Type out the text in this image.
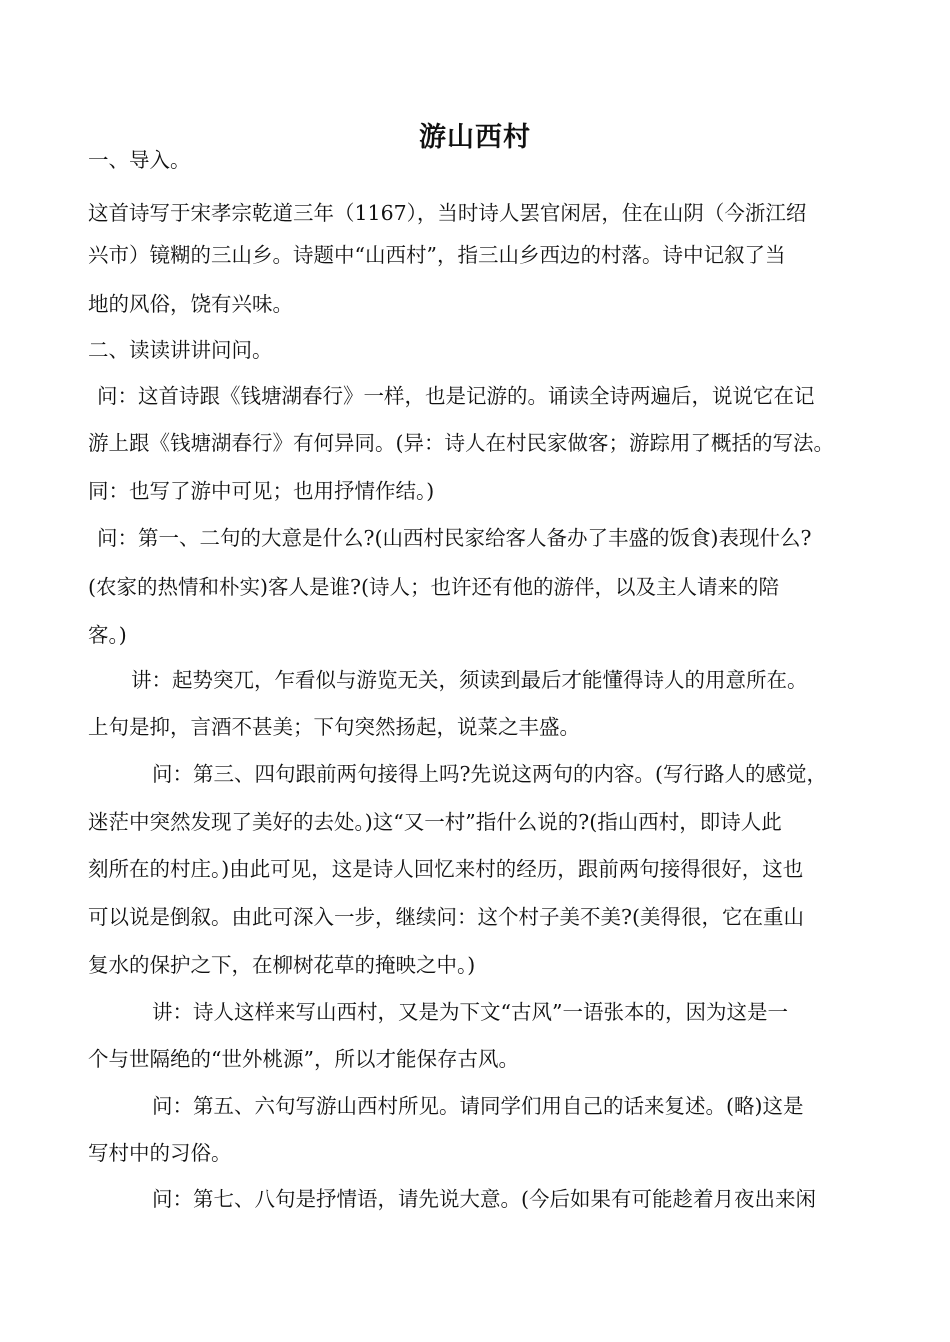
游山西村
一、导入。
这首诗写于宋孝宗乾道三年（1167），当时诗人罢官闲居，住在山阴（今浙江绍
兴市）镜糊的三山乡。诗题中“山西村”，指三山乡西边的村落。诗中记叙了当
地的风俗，饶有兴味。
二、读读讲讲问问。
问：这首诗跟《钱塘湖春行》一样，也是记游的。诵读全诗两遍后，说说它在记
游上跟《钱塘湖春行》有何异同。(异：诗人在村民家做客；游踪用了概括的写法。
同：也写了游中可见；也用抒情作结。)
问：第一、二句的大意是什么?(山西村民家给客人备办了丰盛的饭食)表现什么?
(农家的热情和朴实)客人是谁?(诗人；也许还有他的游伴，以及主人请来的陪
客。)
讲：起势突兀，乍看似与游览无关，须读到最后才能懂得诗人的用意所在。
上句是抑，言酒不甚美；下句突然扬起，说菜之丰盛。
问：第三、四句跟前两句接得上吗?先说这两句的内容。(写行路人的感觉，
迷茫中突然发现了美好的去处。)这“又一村”指什么说的?(指山西村，即诗人此
刻所在的村庄。)由此可见，这是诗人回忆来村的经历，跟前两句接得很好，这也
可以说是倒叙。由此可深入一步，继续问：这个村子美不美?(美得很，它在重山
复水的保护之下，在柳树花草的掩映之中。)
讲：诗人这样来写山西村，又是为下文“古风”一语张本的，因为这是一
个与世隔绝的“世外桃源”，所以才能保存古风。
问：第五、六句写游山西村所见。请同学们用自己的话来复述。(略)这是
写村中的习俗。
问：第七、八句是抒情语，请先说大意。(今后如果有可能趁着月夜出来闲
